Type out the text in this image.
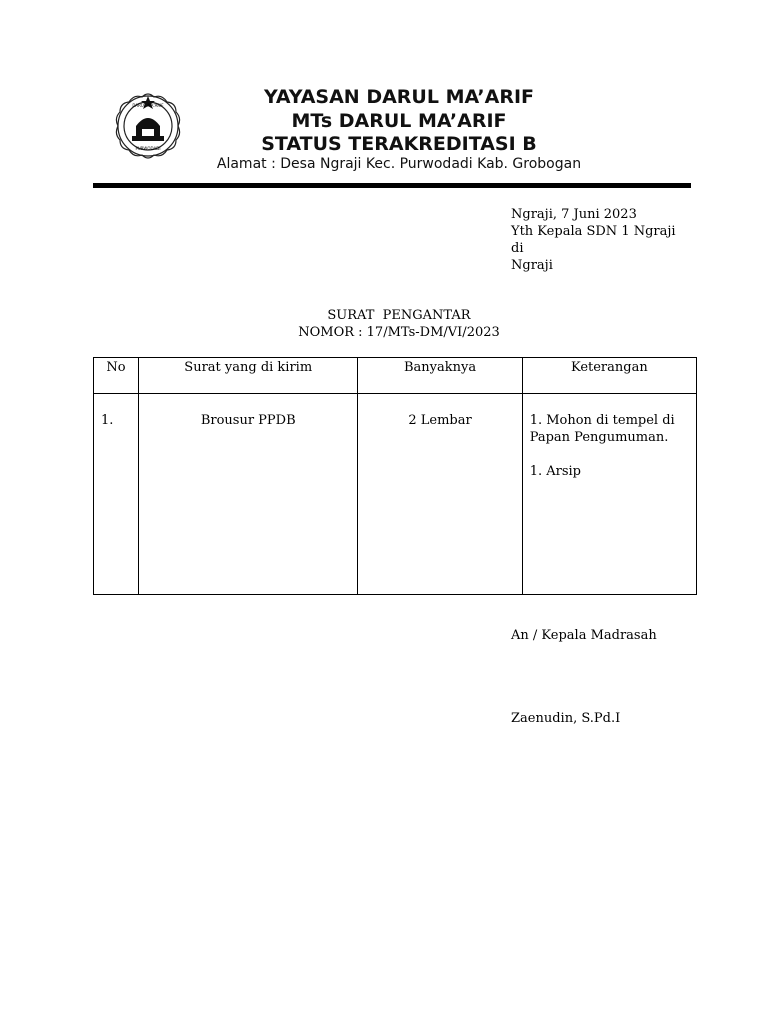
DARUL MA'ARIF
PURWODADI
YAYASAN DARUL MA’ARIF
MTs DARUL MA’ARIF
STATUS TERAKREDITASI B
Alamat : Desa Ngraji Kec. Purwodadi Kab. Grobogan
Ngraji, 7 Juni 2023
Yth Kepala SDN 1 Ngraji
di
Ngraji
SURAT  PENGANTAR
NOMOR : 17/MTs-DM/VI/2023
No	Surat yang di kirim	Banyaknya	Keterangan
1.	Brousur PPDB	2 Lembar	1. Mohon di tempel di
Papan Pengumuman.
1. Arsip
An / Kepala Madrasah
Zaenudin, S.Pd.I
